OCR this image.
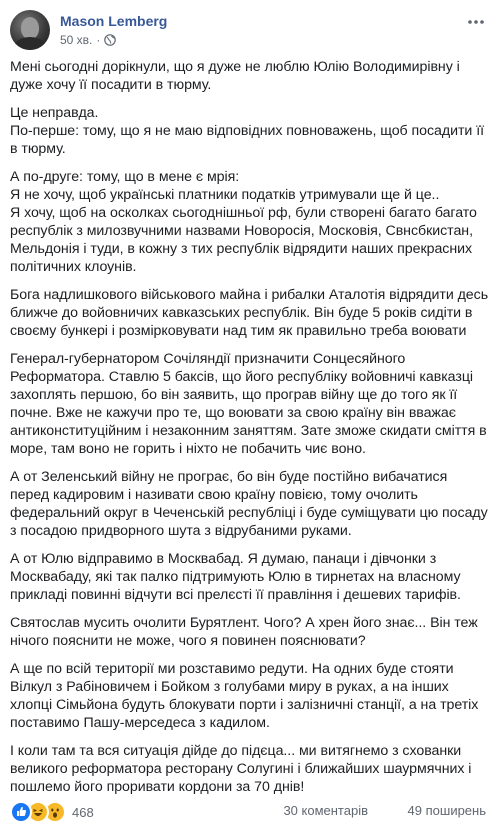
Mason Lemberg
50 хв. ·

Мені сьогодні дорікнули, що я дуже не люблю Юлію Володимирівну і
дуже хочу її посадити в тюрму.

Це неправда.
По-перше: тому, що я не маю відповідних повноважень, щоб посадити її
в тюрму.

А по-друге: тому, що в мене є мрія:
Я не хочу, щоб українські платники податків утримували ще й це..
Я хочу, щоб на осколках сьогоднішньої рф, були створені багато багато
республік з милозвучними назвами Новоросія, Московія, Свнсбкистан,
Мельдонія і туди, в кожну з тих республік відрядити наших прекрасних
політичних клоунів.

Бога надлишкового військового майна і рибалки Аталотія відрядити десь
ближче до войовничих кавказських республік. Він буде 5 років сидіти в
своєму бункері і розмірковувати над тим як правильно треба воювати

Генерал-губернатором Сочіляндії призначити Сонцесяйного
Реформатора. Ставлю 5 баксів, що його республіку войовничі кавказці
захоплять першою, бо він заявить, що програв війну ще до того як її
почне. Вже не кажучи про те, що воювати за свою країну він вважає
антиконституційним і незаконним заняттям. Зате зможе скидати сміття в
море, там воно не горить і ніхто не побачить чиє воно.

А от Зеленський війну не програє, бо він буде постійно вибачатися
перед кадировим і називати свою країну повією, тому очолить
федеральний округ в Чеченській республіці і буде суміщувати цю посаду
з посадою придворного шута з відрубаними руками.

А от Юлю відправимо в Москвабад. Я думаю, панаци і дівчонки з
Москвабаду, які так палко підтримують Юлю в тирнетах на власному
прикладі повинні відчути всі прелєсті її правління і дешевих тарифів.

Святослав мусить очолити Бурятлент. Чого? А хрен його знає... Він теж
нічого пояснити не може, чого я повинен пояснювати?

А ще по всій території ми розставимо редути. На одних буде стояти
Вілкул з Рабіновичем і Бойком з голубами миру в руках, а на інших
хлопці Сімьйона будуть блокувати порти і залізничні станції, а на третіх
поставимо Пашу-мерседеса з кадилом.

І коли там та вся ситуація дійде до підєца... ми витягнемо з схованки
великого реформатора ресторану Солугині і ближайших шаурмячних і
пошлемо його проривати кордони за 70 днів!

468	30 коментарів	49 поширень
